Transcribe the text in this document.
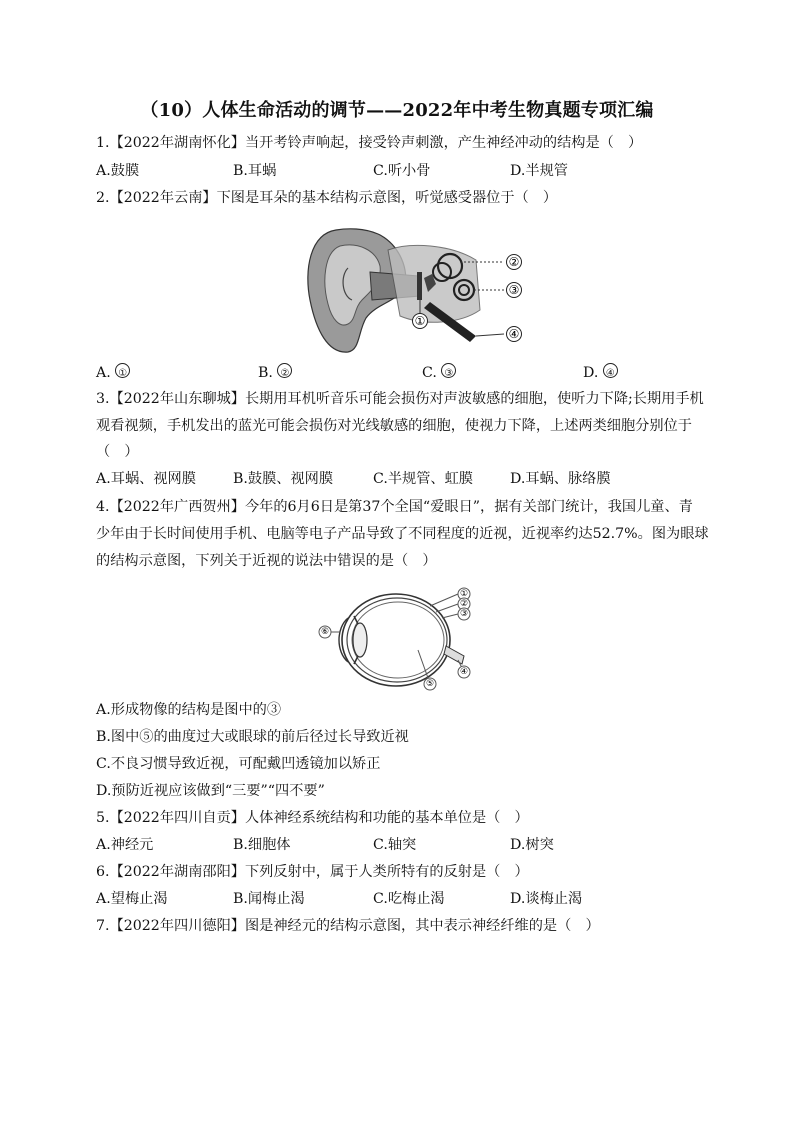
（10）人体生命活动的调节——2022年中考生物真题专项汇编
1.【2022年湖南怀化】当开考铃声响起，接受铃声刺激，产生神经冲动的结构是（　）
A.鼓膜	B.耳蜗	C.听小骨	D.半规管
2.【2022年云南】下图是耳朵的基本结构示意图，听觉感受器位于（　）
②
③
④
①
A. ①	B. ②	C. ③	D. ④
3.【2022年山东聊城】长期用耳机听音乐可能会损伤对声波敏感的细胞，使听力下降;长期用手机
观看视频，手机发出的蓝光可能会损伤对光线敏感的细胞，使视力下降，上述两类细胞分别位于
（　）
A.耳蜗、视网膜	B.鼓膜、视网膜	C.半规管、虹膜	D.耳蜗、脉络膜
4.【2022年广西贺州】今年的6月6日是第37个全国“爱眼日”，据有关部门统计，我国儿童、青
少年由于长时间使用手机、电脑等电子产品导致了不同程度的近视，近视率约达52.7%。图为眼球
的结构示意图，下列关于近视的说法中错误的是（　）
①
②
③
④
⑤
⑥
A.形成物像的结构是图中的③
B.图中⑤的曲度过大或眼球的前后径过长导致近视
C.不良习惯导致近视，可配戴凹透镜加以矫正
D.预防近视应该做到“三要”“四不要”
5.【2022年四川自贡】人体神经系统结构和功能的基本单位是（　）
A.神经元	B.细胞体	C.轴突	D.树突
6.【2022年湖南邵阳】下列反射中，属于人类所特有的反射是（　）
A.望梅止渴	B.闻梅止渴	C.吃梅止渴	D.谈梅止渴
7.【2022年四川德阳】图是神经元的结构示意图，其中表示神经纤维的是（　）
